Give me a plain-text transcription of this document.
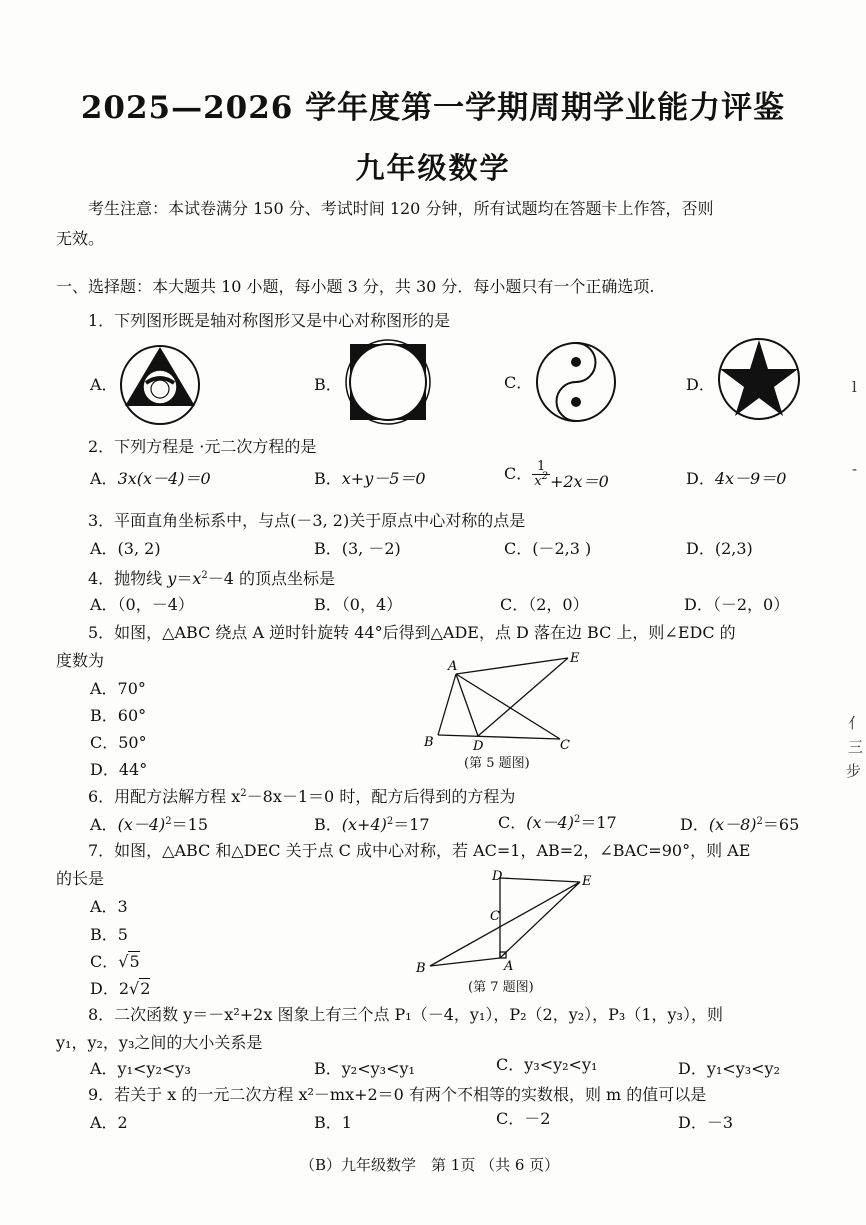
2025—2026 学年度第一学期周期学业能力评鉴
九年级数学
考生注意：本试卷满分 150 分、考试时间 120 分钟，所有试题均在答题卡上作答，否则
无效。
一、选择题：本大题共 10 小题，每小题 3 分，共 30 分．每小题只有一个正确选项.
1．下列图形既是轴对称图形又是中心对称图形的是
A．	B．	C．	D．
2．下列方程是 ·元二次方程的是
A．3x(x－4)＝0	B．x+y－5＝0	C． $\frac{1}{x^2} +2x=0$	D．4x－9＝0
3．平面直角坐标系中，与点(－3, 2)关于原点中心对称的点是
A．(3, 2)	B．(3, －2)	C．(－2,3 )	D．(2,3)
4．抛物线 $y=x^2-4$ 的顶点坐标是
A．（0，－4）	B．（0，4）	C．（2，0）	D．（－2，0）
5．如图，△ABC 绕点 A 逆时针旋转 44°后得到△ADE，点 D 落在边 BC 上，则∠EDC 的
度数为
A．70°
B．60°
C．50°
D．44°
A
E
B	D	C
(第 5 题图)
6．用配方法解方程 $x^2-8x-1=0$ 时，配方后得到的方程为
A．$(x-4)^2=15$	B．$(x+4)^2=17$	C．$(x-4)^2=17$	D．$(x-8)^2=65$
7．如图，△ABC 和△DEC 关于点 C 成中心对称，若 AC=1，AB=2，∠BAC=90°，则 AE
的长是
A．3
B．5
C．√5
D．2√2
D	E
C
B	A
(第 7 题图)
8．二次函数 y＝－x²+2x 图象上有三个点 P₁（－4，y₁），P₂（2，y₂），P₃（1，y₃），则
y₁，y₂，y₃之间的大小关系是
A．y₁<y₂<y₃	B．y₂<y₃<y₁	C．y₃<y₂<y₁	D．y₁<y₃<y₂
9．若关于 x 的一元二次方程 x²－mx+2＝0 有两个不相等的实数根，则 m 的值可以是
A．2	B．1	C．－2	D．－3
（B）九年级数学　第 1页 （共 6 页）
l
-
亻
三
步
